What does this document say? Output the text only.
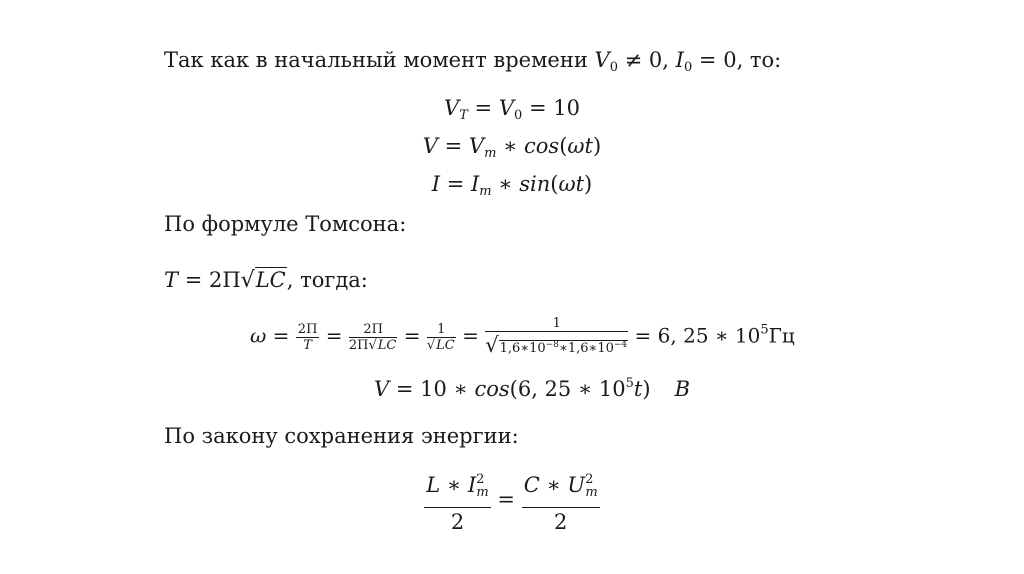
Так как в начальный момент времени $V_0 \ne 0$, $I_0 = 0$, то:
$V_T = V_0 = 10$
$V = V_m$ ∗ cos(ωt)
$I = I_m$ ∗ sin(ωt)
По формуле Томсона:
T = 2Π√LC, тогда:
$\omega = \frac{2\Pi}{T} = \frac{2\Pi}{2\Pi√LC} = \frac{1}{√LC} = \frac{1}{√1,6∗10^{-8}∗1,6∗10^{-4}} = 6$, 25 ∗ $10^5Гц$
V = 10 ∗ cos(6, 25 ∗ $10^5t$) B
По закону сохранения энергии:
$\frac{L ∗ I^2_m}{2} = \frac{C ∗ U^2_m}{2}$
